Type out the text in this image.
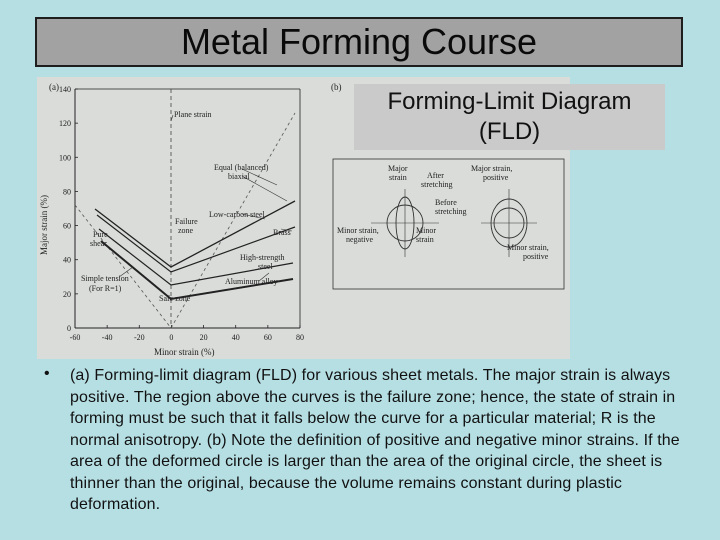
Metal Forming Course
(a)
0
20
40
60
80
100
120
140
-60	-40	-20	0	20	40	60	80
Major strain (%)
Minor strain (%)
Plane strain
Equal (balanced)
biaxial
Low-carbon steel
Failure
zone	Brass
Pure
shear
High-strength
steel
Aluminum alloy
Simple tension
(For R=1)
Safe zone
(b)
Major
strain	After
stretching
Before
stretching
Minor strain,
negative
Minor
strain
Major strain,
positive
Minor strain,
positive
Forming-Limit Diagram
(FLD)
• (a) Forming-limit diagram (FLD) for various sheet metals. The major strain is always positive. The region above the curves is the failure zone; hence, the state of strain in forming must be such that it falls below the curve for a particular material; R is the normal anisotropy. (b) Note the definition of positive and negative minor strains. If the area of the deformed circle is larger than the area of the original circle, the sheet is thinner than the original, because the volume remains constant during plastic deformation.
